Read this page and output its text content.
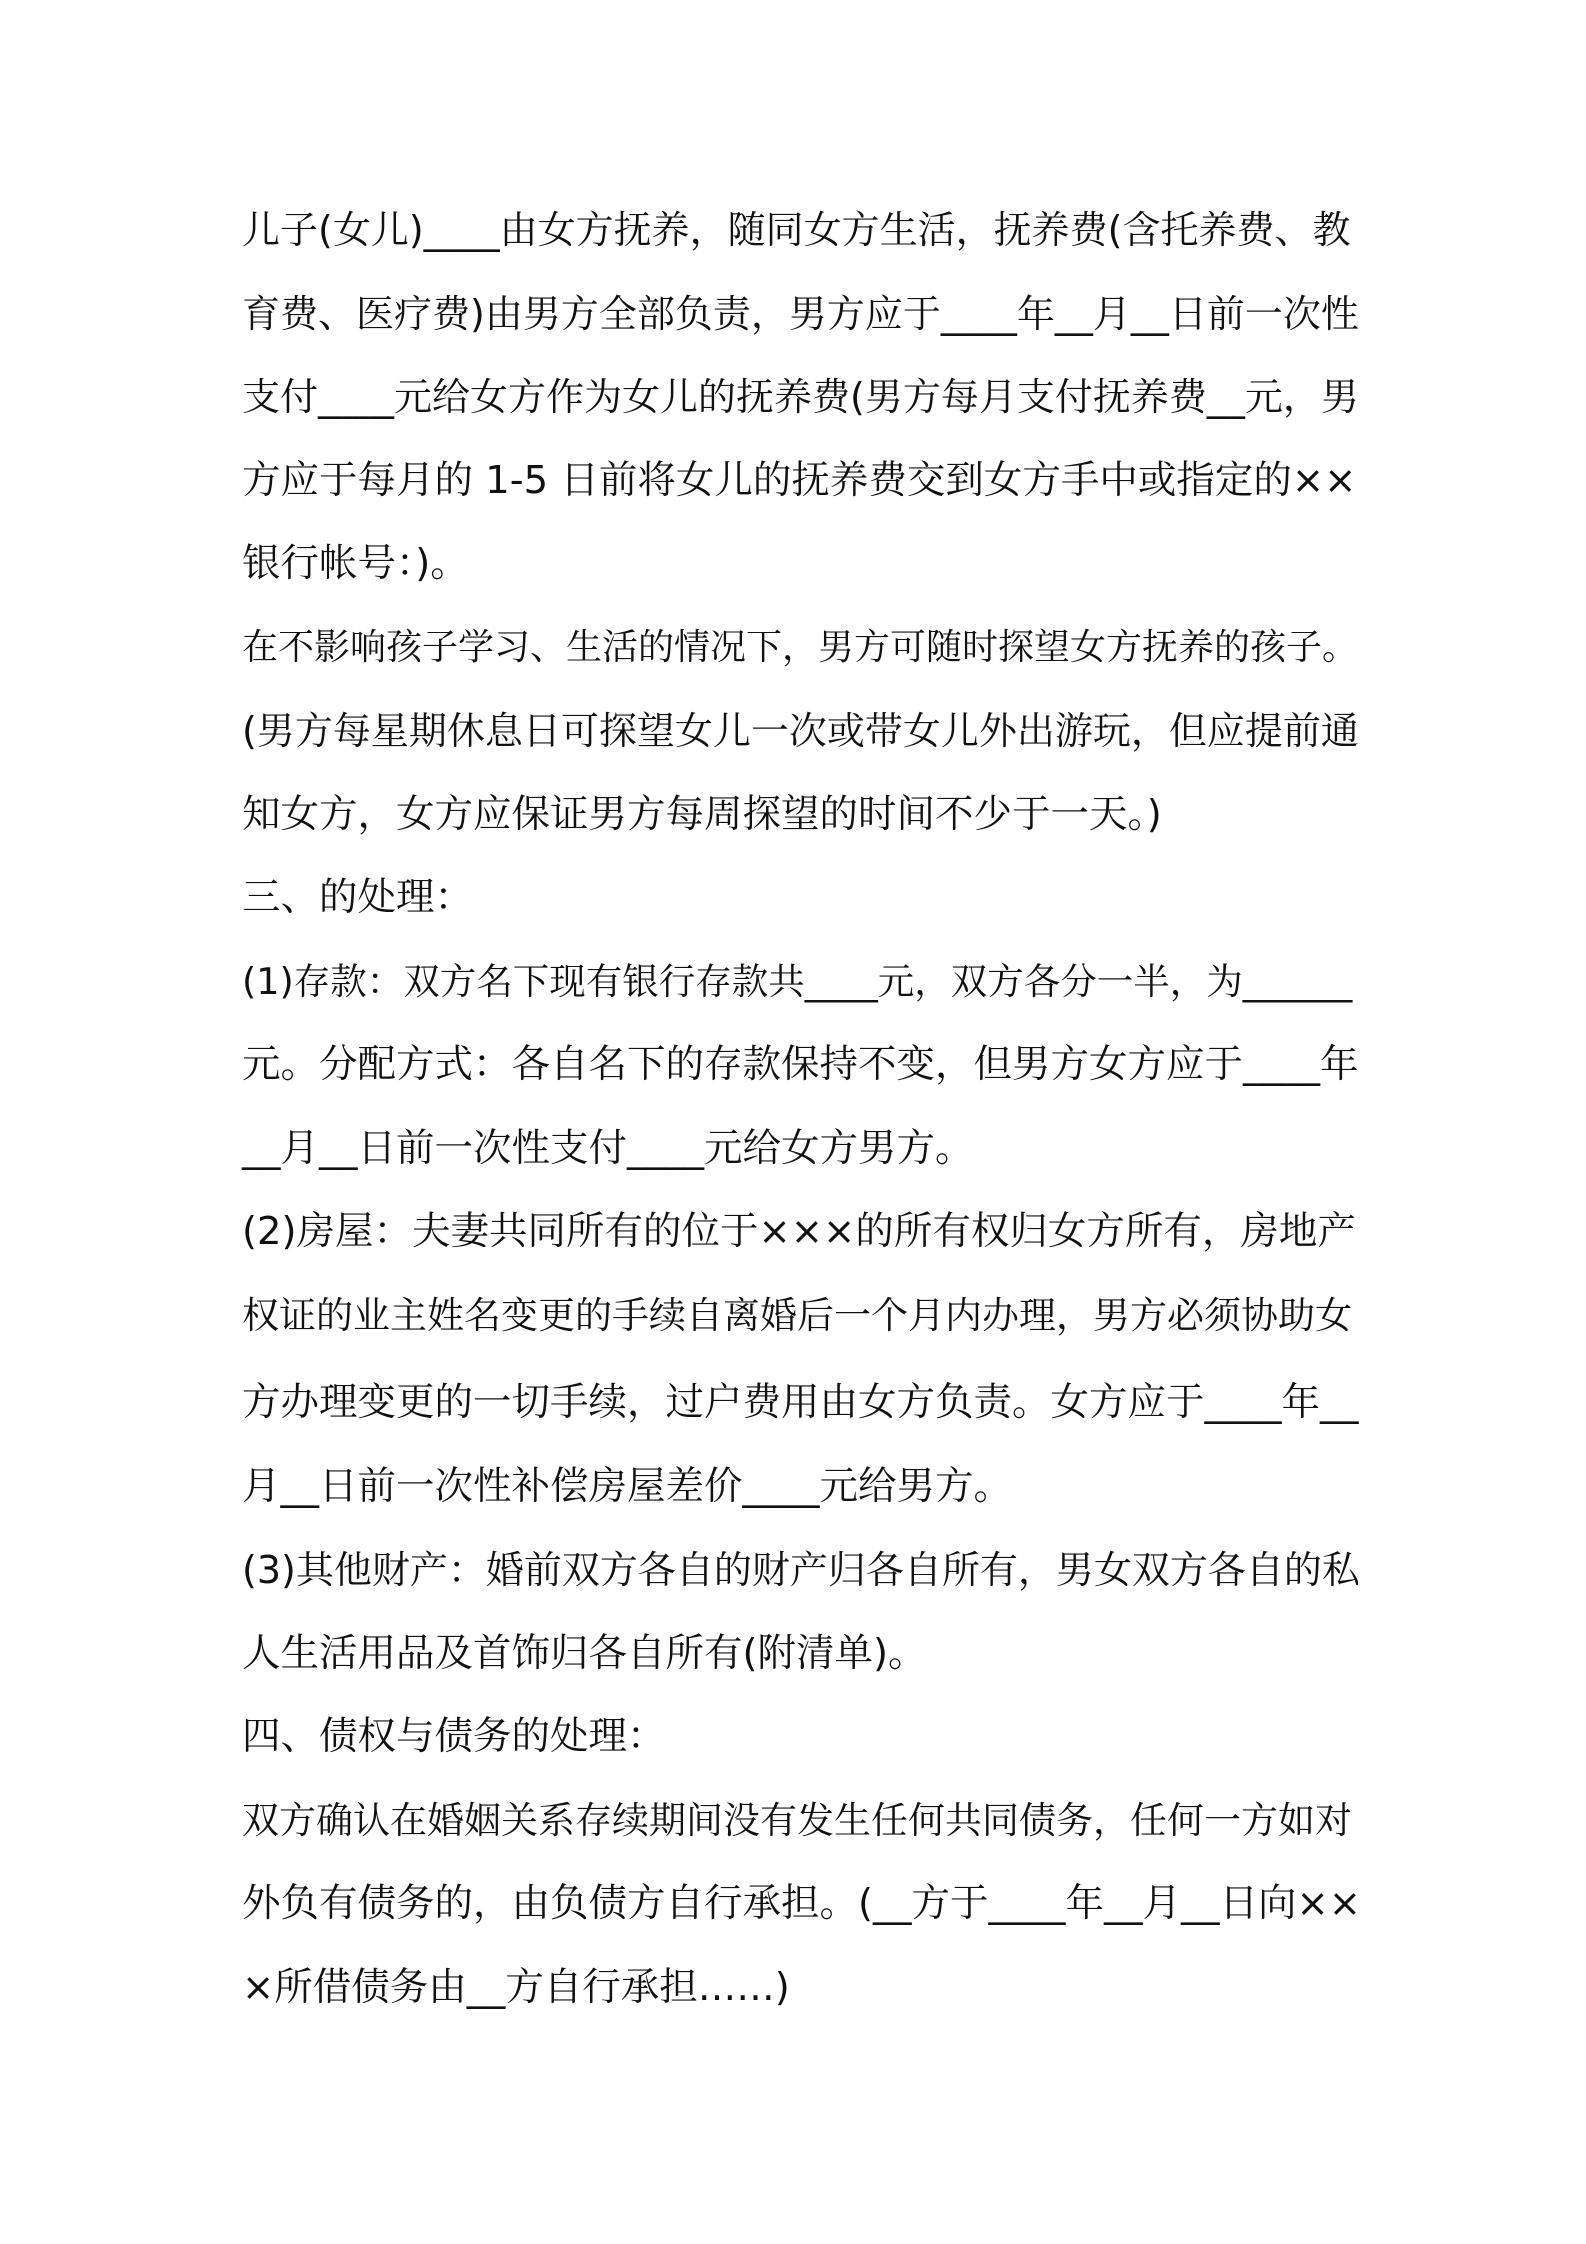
儿子(女儿)____由女方抚养，随同女方生活，抚养费(含托养费、教
育费、医疗费)由男方全部负责，男方应于____年__月__日前一次性
支付____元给女方作为女儿的抚养费(男方每月支付抚养费__元，男
方应于每月的 1-5 日前将女儿的抚养费交到女方手中或指定的××
银行帐号：)。
在不影响孩子学习、生活的情况下，男方可随时探望女方抚养的孩子。
(男方每星期休息日可探望女儿一次或带女儿外出游玩，但应提前通
知女方，女方应保证男方每周探望的时间不少于一天。)
三、的处理：
(1)存款：双方名下现有银行存款共____元，双方各分一半，为______
元。分配方式：各自名下的存款保持不变，但男方女方应于____年
__月__日前一次性支付____元给女方男方。
(2)房屋：夫妻共同所有的位于×××的所有权归女方所有，房地产
权证的业主姓名变更的手续自离婚后一个月内办理，男方必须协助女
方办理变更的一切手续，过户费用由女方负责。女方应于____年__
月__日前一次性补偿房屋差价____元给男方。
(3)其他财产：婚前双方各自的财产归各自所有，男女双方各自的私
人生活用品及首饰归各自所有(附清单)。
四、债权与债务的处理：
双方确认在婚姻关系存续期间没有发生任何共同债务，任何一方如对
外负有债务的，由负债方自行承担。(__方于____年__月__日向××
×所借债务由__方自行承担……)
